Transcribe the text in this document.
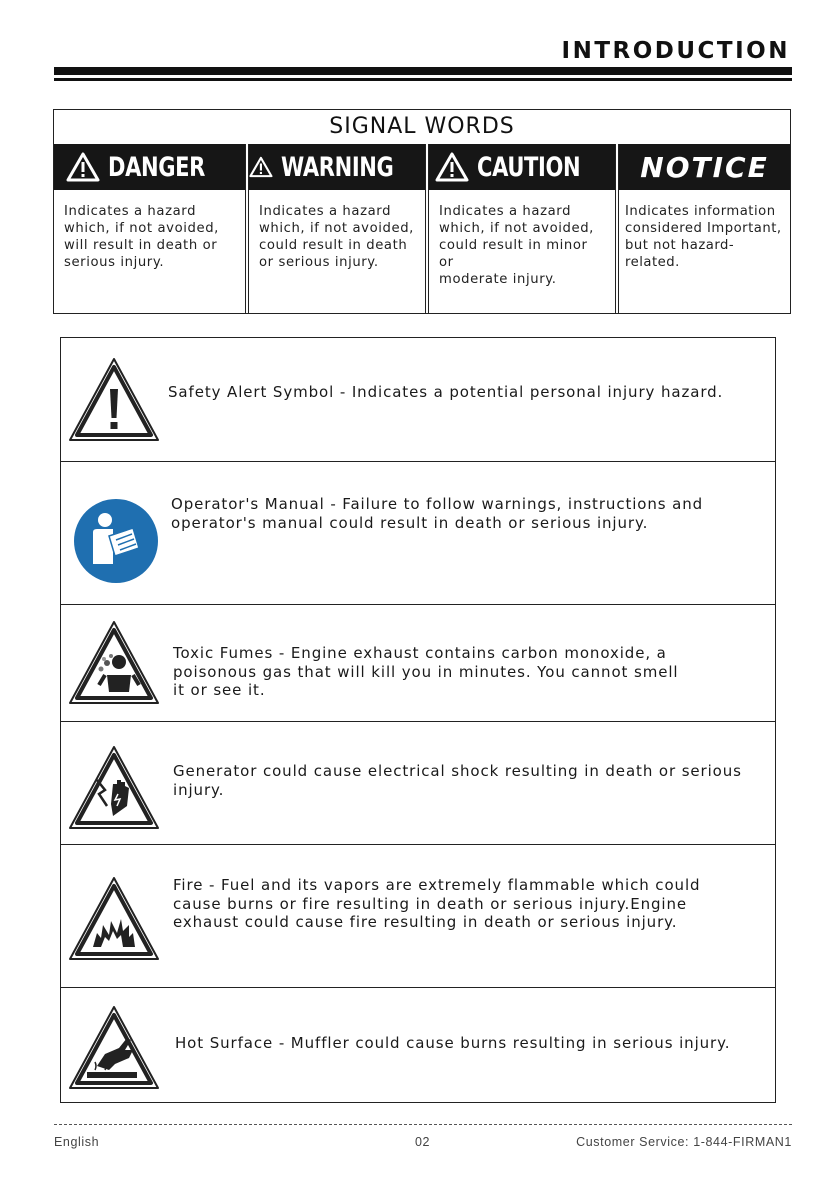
INTRODUCTION
SIGNAL WORDS
DANGER
Indicates a hazard
which, if not avoided,
will result in death or
serious injury.
WARNING
Indicates a hazard
which, if not avoided,
could result in death
or serious injury.
CAUTION
Indicates a hazard
which, if not avoided,
could result in minor or
moderate injury.
NOTICE
Indicates information
considered Important,
but not hazard-related.
Safety Alert Symbol - Indicates a potential personal injury hazard.
Operator's Manual - Failure to follow warnings, instructions and
operator's manual could result in death or serious injury.
Toxic Fumes - Engine exhaust contains carbon monoxide, a
poisonous gas that will kill you in minutes. You cannot smell
it or see it.
Generator could cause electrical shock resulting in death or serious
injury.
Fire - Fuel and its vapors are extremely flammable which could
cause burns or fire resulting in death or serious injury.Engine
exhaust could cause fire resulting in death or serious injury.
Hot Surface - Muffler could cause burns resulting in serious injury.
English	02	Customer Service: 1-844-FIRMAN1
